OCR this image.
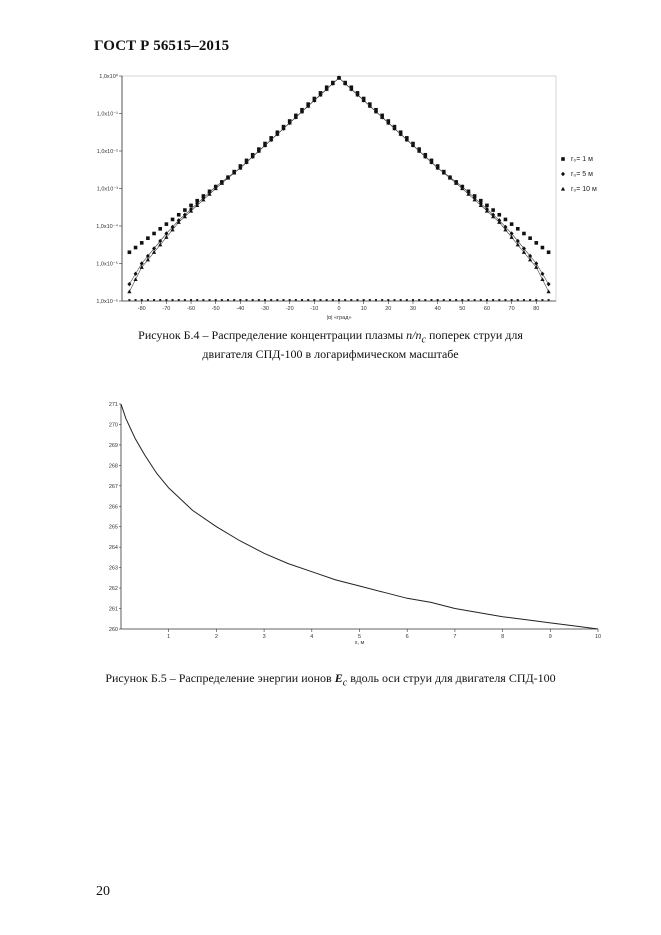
ГОСТ Р 56515–2015
1,0x10⁰
1,0x10⁻¹
1,0x10⁻²
1,0x10⁻³
1,0x10⁻⁴
1,0x10⁻⁵
1,0x10⁻⁶
-80	-70	-60	-50	-40	-30	-20	-10	0	10	20	30	40	50	60	70	80
|α| «град»
r₀= 1 м
r₀= 5 м
r₀= 10 м
260
261
262
263
264
265
266
267
268
269
270
271
1	2	3	4	5	6	7	8	9	10
x, м
Рисунок Б.4 – Распределение концентрации плазмы $n/n_c$ поперек струи для
двигателя СПД-100 в логарифмическом масштабе
Рисунок Б.5 – Распределение энергии ионов $E_c$ вдоль оси струи для двигателя СПД-100
20
